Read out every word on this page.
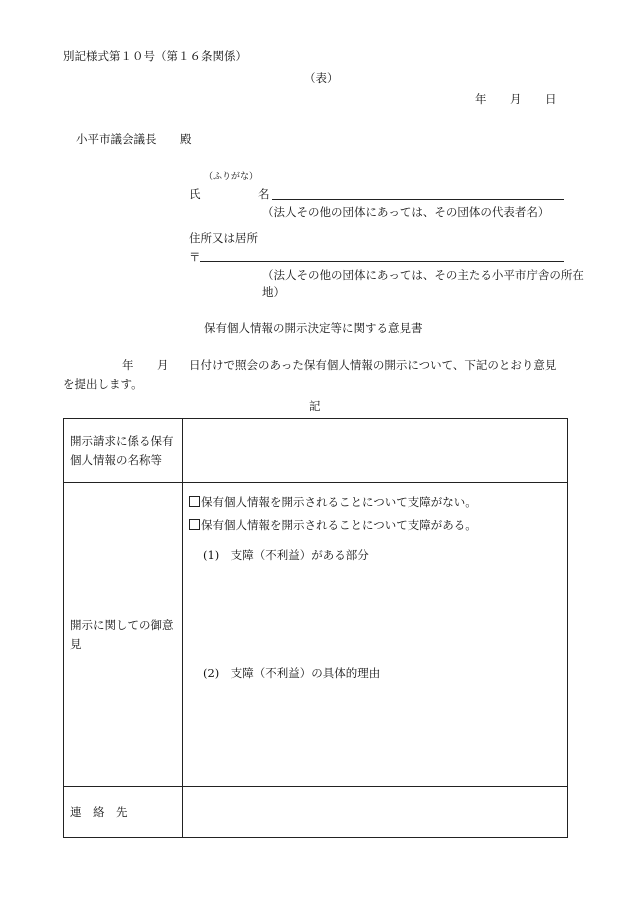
別記様式第１０号（第１６条関係）
（表）
年 月 日
小平市議会議長 殿
（ふりがな）
氏	名
（法人その他の団体にあっては、その団体の代表者名）
住所又は居所
〒
（法人その他の団体にあっては、その主たる小平市庁舎の所在
地）
保有個人情報の開示決定等に関する意見書
年 月 日付けで照会のあった保有個人情報の開示について、下記のとおり意見
を提出します。
記
開示請求に係る保有
個人情報の名称等
開示に関しての御意
見
保有個人情報を開示されることについて支障がない。
保有個人情報を開示されることについて支障がある。
(1)　支障（不利益）がある部分
(2)　支障（不利益）の具体的理由
連　絡　先
